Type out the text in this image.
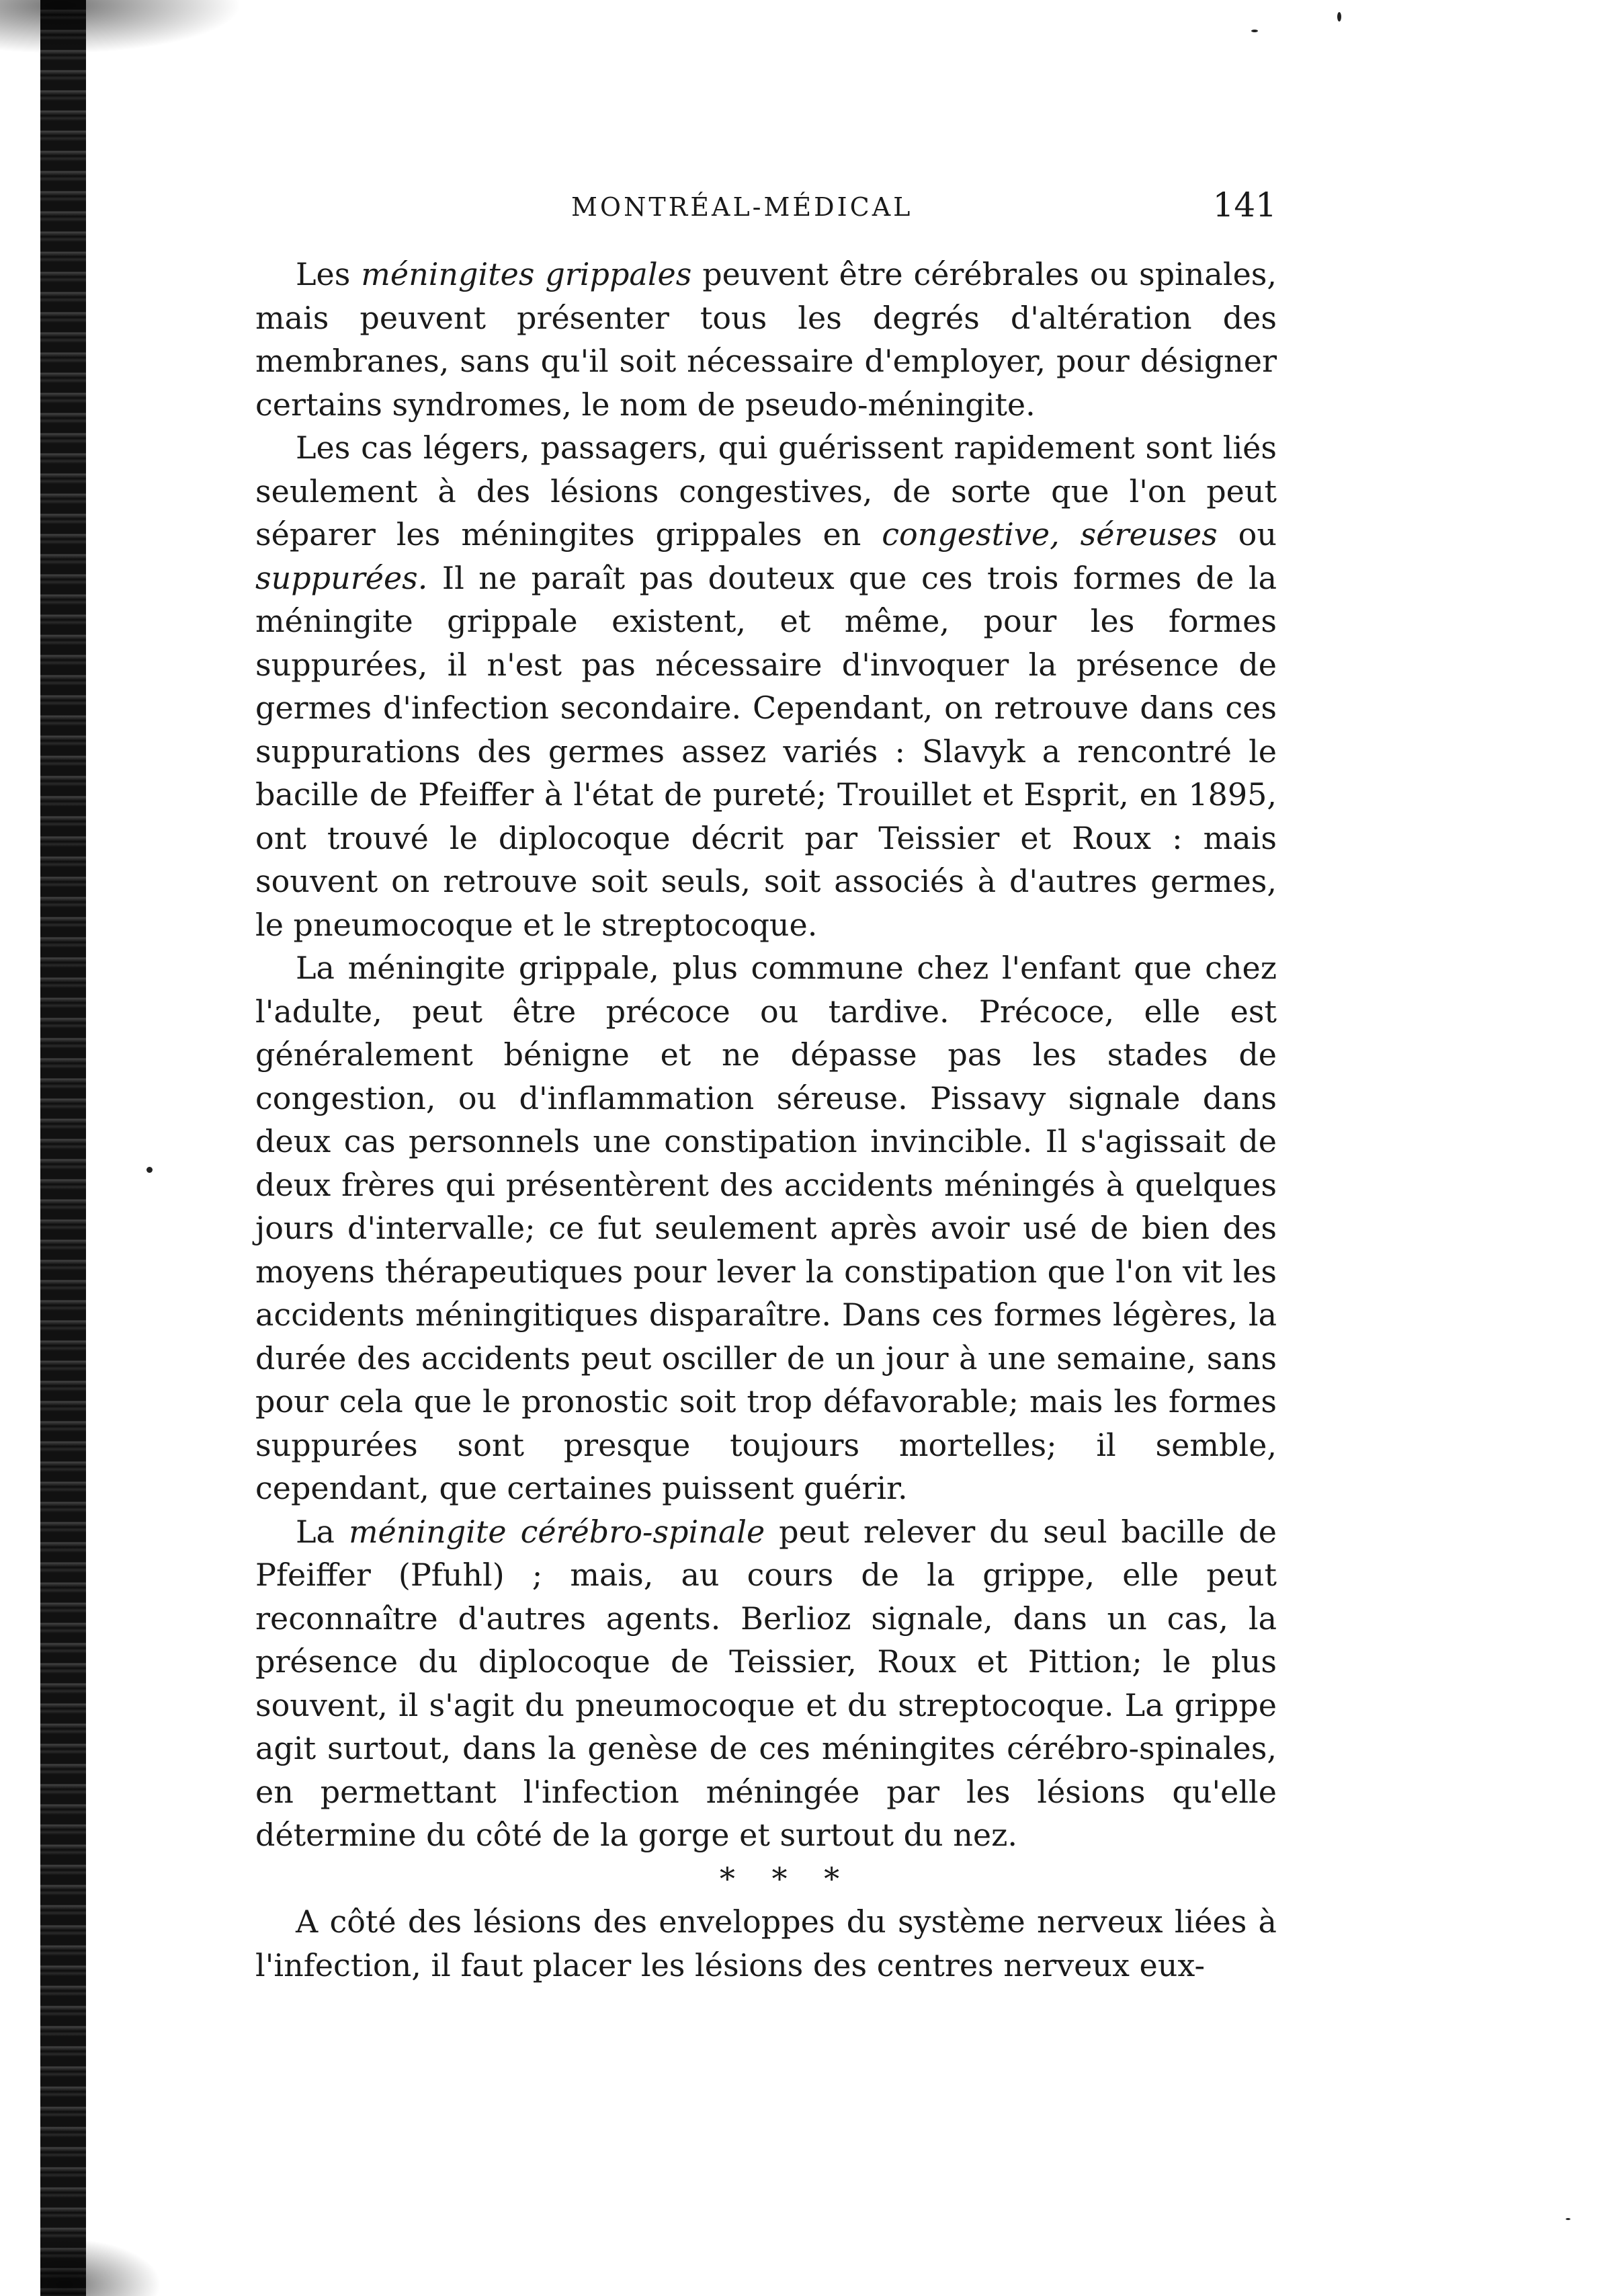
MONTRÉAL-MÉDICAL	141

Les méningites grippales peuvent être cérébrales ou spinales, mais peuvent présenter tous les degrés d'altération des membranes, sans qu'il soit nécessaire d'employer, pour désigner certains syndromes, le nom de pseudo-méningite.

Les cas légers, passagers, qui guérissent rapidement sont liés seulement à des lésions congestives, de sorte que l'on peut séparer les méningites grippales en congestive, séreuses ou suppurées. Il ne paraît pas douteux que ces trois formes de la méningite grippale existent, et même, pour les formes suppurées, il n'est pas nécessaire d'invoquer la présence de germes d'infection secondaire. Cependant, on retrouve dans ces suppurations des germes assez variés : Slavyk a rencontré le bacille de Pfeiffer à l'état de pureté; Trouillet et Esprit, en 1895, ont trouvé le diplocoque décrit par Teissier et Roux : mais souvent on retrouve soit seuls, soit associés à d'autres germes, le pneumocoque et le streptocoque.

La méningite grippale, plus commune chez l'enfant que chez l'adulte, peut être précoce ou tardive. Précoce, elle est généralement bénigne et ne dépasse pas les stades de congestion, ou d'inflammation séreuse. Pissavy signale dans deux cas personnels une constipation invincible. Il s'agissait de deux frères qui présentèrent des accidents méningés à quelques jours d'intervalle; ce fut seulement après avoir usé de bien des moyens thérapeutiques pour lever la constipation que l'on vit les accidents méningitiques disparaître. Dans ces formes légères, la durée des accidents peut osciller de un jour à une semaine, sans pour cela que le pronostic soit trop défavorable; mais les formes suppurées sont presque toujours mortelles; il semble, cependant, que certaines puissent guérir.

La méningite cérébro-spinale peut relever du seul bacille de Pfeiffer (Pfuhl) ; mais, au cours de la grippe, elle peut reconnaître d'autres agents. Berlioz signale, dans un cas, la présence du diplocoque de Teissier, Roux et Pittion; le plus souvent, il s'agit du pneumocoque et du streptocoque. La grippe agit surtout, dans la genèse de ces méningites cérébro-spinales, en permettant l'infection méningée par les lésions qu'elle détermine du côté de la gorge et surtout du nez.

* * *

A côté des lésions des enveloppes du système nerveux liées à l'infection, il faut placer les lésions des centres nerveux eux-
